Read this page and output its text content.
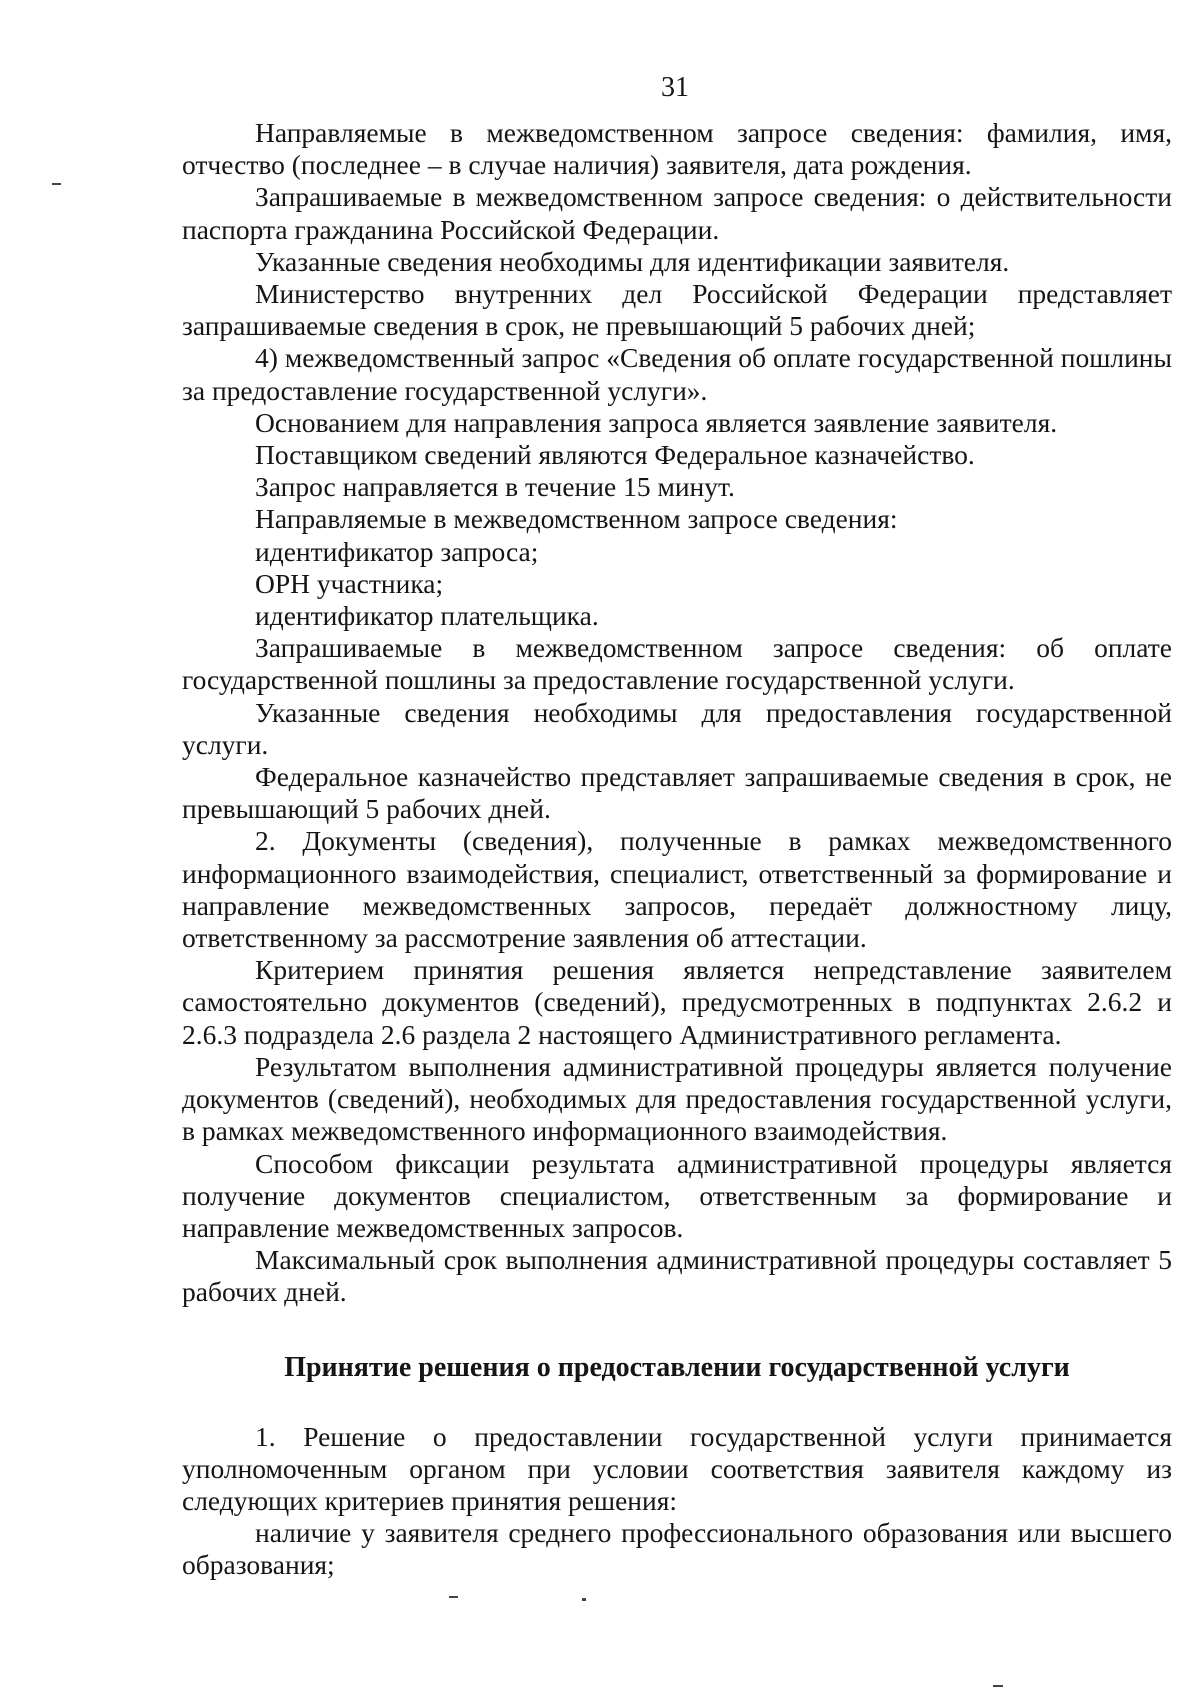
31

Направляемые в межведомственном запросе сведения: фамилия, имя, отчество (последнее – в случае наличия) заявителя, дата рождения.

Запрашиваемые в межведомственном запросе сведения: о действительности паспорта гражданина Российской Федерации.

Указанные сведения необходимы для идентификации заявителя.

Министерство внутренних дел Российской Федерации представляет запрашиваемые сведения в срок, не превышающий 5 рабочих дней;

4) межведомственный запрос «Сведения об оплате государственной пошлины за предоставление государственной услуги».

Основанием для направления запроса является заявление заявителя.

Поставщиком сведений являются Федеральное казначейство.

Запрос направляется в течение 15 минут.

Направляемые в межведомственном запросе сведения:

идентификатор запроса;

ОРН участника;

идентификатор плательщика.

Запрашиваемые в межведомственном запросе сведения: об оплате государственной пошлины за предоставление государственной услуги.

Указанные сведения необходимы для предоставления государственной услуги.

Федеральное казначейство представляет запрашиваемые сведения в срок, не превышающий 5 рабочих дней.

2. Документы (сведения), полученные в рамках межведомственного информационного взаимодействия, специалист, ответственный за формирование и направление межведомственных запросов, передаёт должностному лицу, ответственному за рассмотрение заявления об аттестации.

Критерием принятия решения является непредставление заявителем самостоятельно документов (сведений), предусмотренных в подпунктах 2.6.2 и 2.6.3 подраздела 2.6 раздела 2 настоящего Административного регламента.

Результатом выполнения административной процедуры является получение документов (сведений), необходимых для предоставления государственной услуги, в рамках межведомственного информационного взаимодействия.

Способом фиксации результата административной процедуры является получение документов специалистом, ответственным за формирование и направление межведомственных запросов.

Максимальный срок выполнения административной процедуры составляет 5 рабочих дней.

Принятие решения о предоставлении государственной услуги

1. Решение о предоставлении государственной услуги принимается уполномоченным органом при условии соответствия заявителя каждому из следующих критериев принятия решения:

наличие у заявителя среднего профессионального образования или высшего образования;
